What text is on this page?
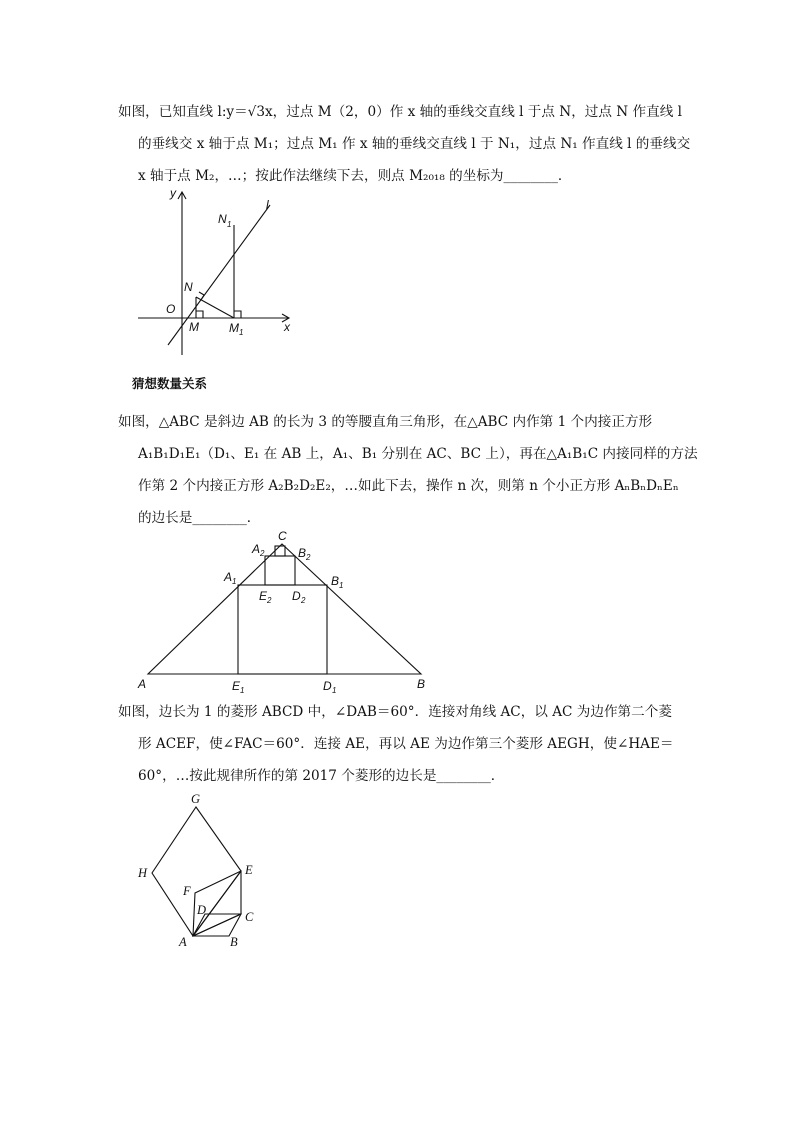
如图，已知直线 l:y＝√3x，过点 M（2，0）作 x 轴的垂线交直线 l 于点 N，过点 N 作直线 l
的垂线交 x 轴于点 M₁；过点 M₁ 作 x 轴的垂线交直线 l 于 N₁，过点 N₁ 作直线 l 的垂线交
x 轴于点 M₂，…；按此作法继续下去，则点 M₂₀₁₈ 的坐标为________．
y
x
O
l
N
N 1
M	M 1
猜想数量关系
如图，△ABC 是斜边 AB 的长为 3 的等腰直角三角形，在△ABC 内作第 1 个内接正方形
A₁B₁D₁E₁（D₁、E₁ 在 AB 上，A₁、B₁ 分别在 AC、BC 上），再在△A₁B₁C 内接同样的方法
作第 2 个内接正方形 A₂B₂D₂E₂，…如此下去，操作 n 次，则第 n 个小正方形 AₙBₙDₙEₙ
的边长是________．
A	B
C
A 1	B 1
A 2	B 2
E 1	D 1
E 2 D 2
如图，边长为 1 的菱形 ABCD 中，∠DAB＝60°．连接对角线 AC，以 AC 为边作第二个菱
形 ACEF，使∠FAC＝60°．连接 AE，再以 AE 为边作第三个菱形 AEGH，使∠HAE＝
60°，…按此规律所作的第 2017 个菱形的边长是________．
G
H	E
F
D	C
A	B
